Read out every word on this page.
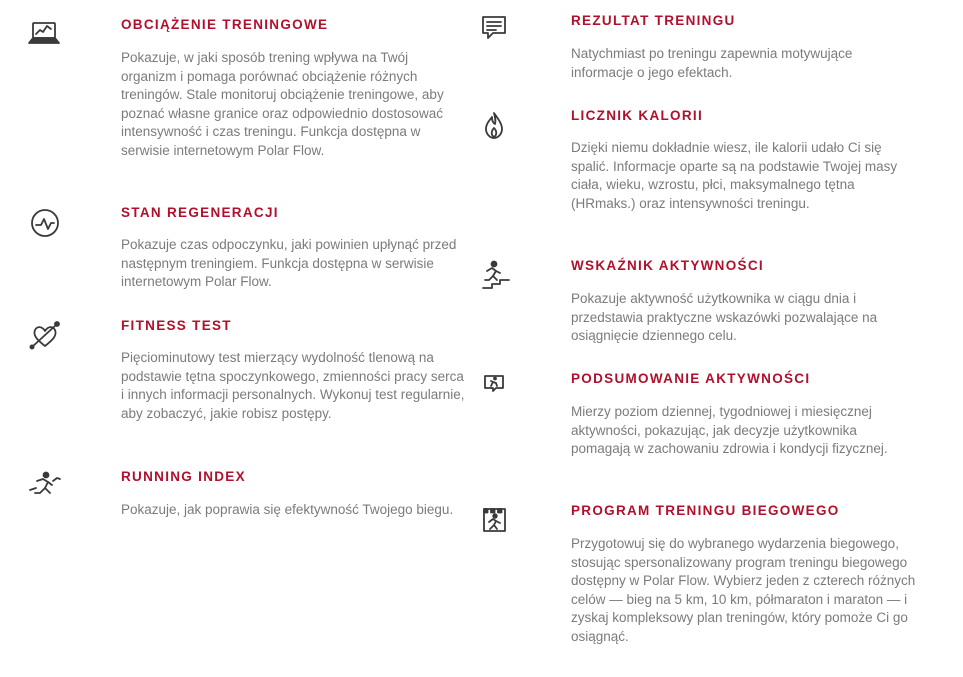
OBCIĄŻENIE TRENINGOWE

Pokazuje, w jaki sposób trening wpływa na Twój organizm i pomaga porównać obciążenie różnych treningów. Stale monitoruj obciążenie treningowe, aby poznać własne granice oraz odpowiednio dostosować intensywność i czas treningu. Funkcja dostępna w serwisie internetowym Polar Flow.

STAN REGENERACJI

Pokazuje czas odpoczynku, jaki powinien upłynąć przed następnym treningiem. Funkcja dostępna w serwisie internetowym Polar Flow.

FITNESS TEST

Pięciominutowy test mierzący wydolność tlenową na podstawie tętna spoczynkowego, zmienności pracy serca i innych informacji personalnych. Wykonuj test regularnie, aby zobaczyć, jakie robisz postępy.

RUNNING INDEX

Pokazuje, jak poprawia się efektywność Twojego biegu.

REZULTAT TRENINGU

Natychmiast po treningu zapewnia motywujące informacje o jego efektach.

LICZNIK KALORII

Dzięki niemu dokładnie wiesz, ile kalorii udało Ci się spalić. Informacje oparte są na podstawie Twojej masy ciała, wieku, wzrostu, płci, maksymalnego tętna (HRmaks.) oraz intensywności treningu.

WSKAŹNIK AKTYWNOŚCI

Pokazuje aktywność użytkownika w ciągu dnia i przedstawia praktyczne wskazówki pozwalające na osiągnięcie dziennego celu.

PODSUMOWANIE AKTYWNOŚCI

Mierzy poziom dziennej, tygodniowej i miesięcznej aktywności, pokazując, jak decyzje użytkownika pomagają w zachowaniu zdrowia i kondycji fizycznej.

PROGRAM TRENINGU BIEGOWEGO

Przygotowuj się do wybranego wydarzenia biegowego, stosując spersonalizowany program treningu biegowego dostępny w Polar Flow. Wybierz jeden z czterech różnych celów — bieg na 5 km, 10 km, półmaraton i maraton — i zyskaj kompleksowy plan treningów, który pomoże Ci go osiągnąć.
